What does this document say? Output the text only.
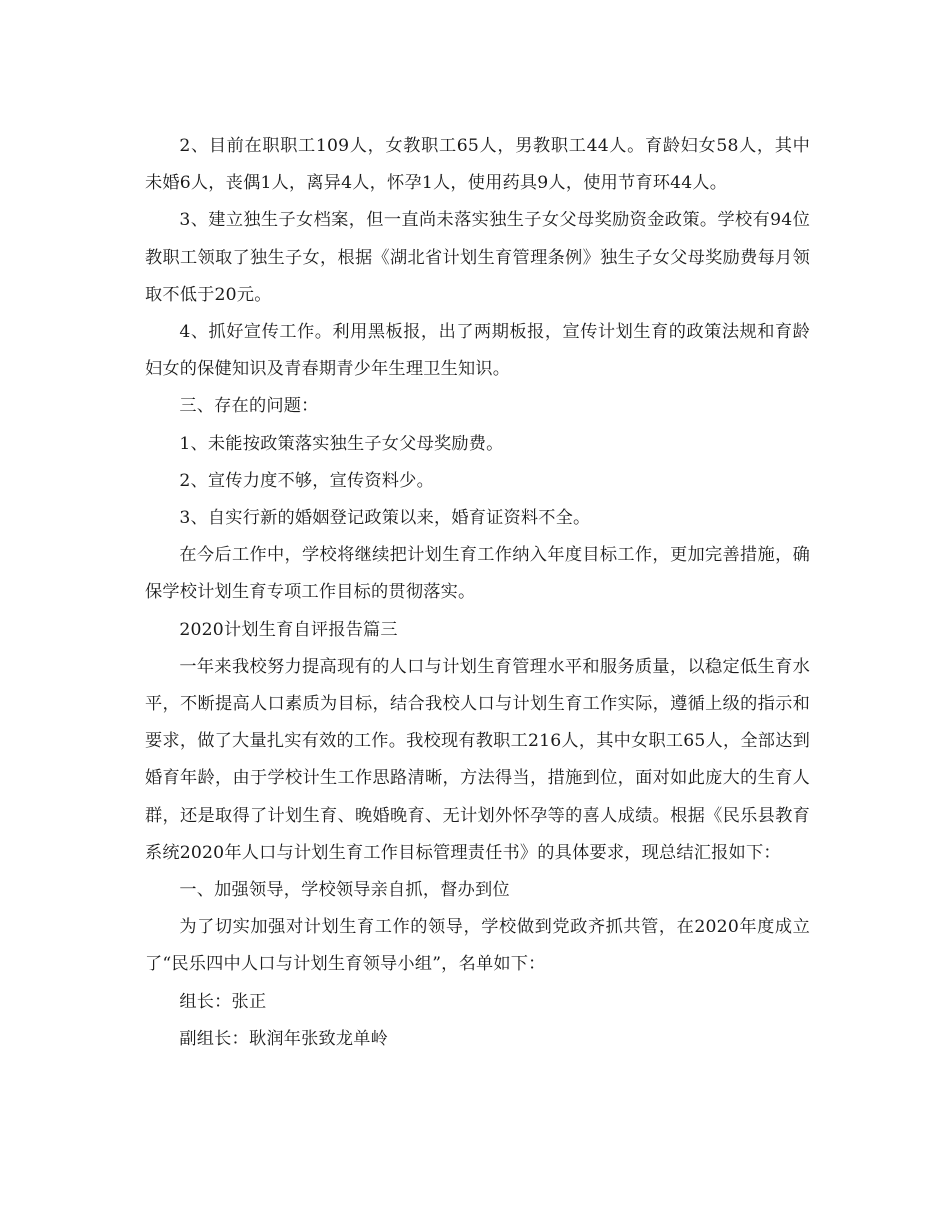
2、目前在职职工109人，女教职工65人，男教职工44人。育龄妇女58人，其中未婚6人，丧偶1人，离异4人，怀孕1人，使用药具9人，使用节育环44人。

3、建立独生子女档案，但一直尚未落实独生子女父母奖励资金政策。学校有94位教职工领取了独生子女，根据《湖北省计划生育管理条例》独生子女父母奖励费每月领取不低于20元。

4、抓好宣传工作。利用黑板报，出了两期板报，宣传计划生育的政策法规和育龄妇女的保健知识及青春期青少年生理卫生知识。

三、存在的问题：

1、未能按政策落实独生子女父母奖励费。

2、宣传力度不够，宣传资料少。

3、自实行新的婚姻登记政策以来，婚育证资料不全。

在今后工作中，学校将继续把计划生育工作纳入年度目标工作，更加完善措施，确保学校计划生育专项工作目标的贯彻落实。

2020计划生育自评报告篇三

一年来我校努力提高现有的人口与计划生育管理水平和服务质量，以稳定低生育水平，不断提高人口素质为目标，结合我校人口与计划生育工作实际，遵循上级的指示和要求，做了大量扎实有效的工作。我校现有教职工216人，其中女职工65人，全部达到婚育年龄，由于学校计生工作思路清晰，方法得当，措施到位，面对如此庞大的生育人群，还是取得了计划生育、晚婚晚育、无计划外怀孕等的喜人成绩。根据《民乐县教育系统2020年人口与计划生育工作目标管理责任书》的具体要求，现总结汇报如下：

一、加强领导，学校领导亲自抓，督办到位

为了切实加强对计划生育工作的领导，学校做到党政齐抓共管，在2020年度成立了“民乐四中人口与计划生育领导小组”，名单如下：

组长：张正

副组长：耿润年张致龙单岭
